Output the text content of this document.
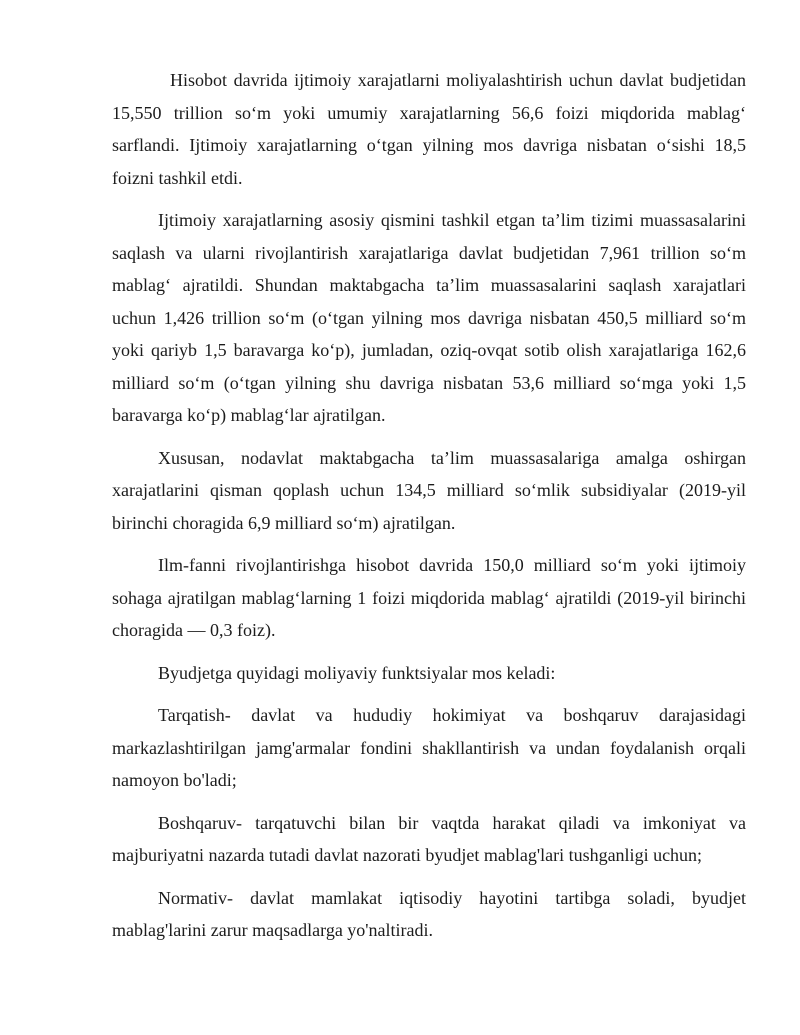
Hisobot davrida ijtimoiy xarajatlarni moliyalashtirish uchun davlat budjetidan
15,550 trillion so‘m yoki umumiy xarajatlarning 56,6 foizi miqdorida mablag‘
sarflandi. Ijtimoiy xarajatlarning o‘tgan yilning mos davriga nisbatan o‘sishi 18,5
foizni tashkil etdi.
Ijtimoiy xarajatlarning asosiy qismini tashkil etgan ta’lim tizimi muassasalarini
saqlash va ularni rivojlantirish xarajatlariga davlat budjetidan 7,961 trillion so‘m
mablag‘ ajratildi. Shundan maktabgacha ta’lim muassasalarini saqlash xarajatlari
uchun 1,426 trillion so‘m (o‘tgan yilning mos davriga nisbatan 450,5 milliard so‘m
yoki qariyb 1,5 baravarga ko‘p), jumladan, oziq-ovqat sotib olish xarajatlariga 162,6
milliard so‘m (o‘tgan yilning shu davriga nisbatan 53,6 milliard so‘mga yoki 1,5
baravarga ko‘p) mablag‘lar ajratilgan.
Xususan, nodavlat maktabgacha ta’lim muassasalariga amalga oshirgan
xarajatlarini qisman qoplash uchun 134,5 milliard so‘mlik subsidiyalar (2019-yil
birinchi choragida 6,9 milliard so‘m) ajratilgan.
Ilm-fanni rivojlantirishga hisobot davrida 150,0 milliard so‘m yoki ijtimoiy
sohaga ajratilgan mablag‘larning 1 foizi miqdorida mablag‘ ajratildi (2019-yil birinchi
choragida — 0,3 foiz).
Byudjetga quyidagi moliyaviy funktsiyalar mos keladi:
Tarqatish- davlat va hududiy hokimiyat va boshqaruv darajasidagi
markazlashtirilgan jamg'armalar fondini shakllantirish va undan foydalanish orqali
namoyon bo'ladi;
Boshqaruv- tarqatuvchi bilan bir vaqtda harakat qiladi va imkoniyat va
majburiyatni nazarda tutadi davlat nazorati byudjet mablag'lari tushganligi uchun;
Normativ- davlat mamlakat iqtisodiy hayotini tartibga soladi, byudjet
mablag'larini zarur maqsadlarga yo'naltiradi.
